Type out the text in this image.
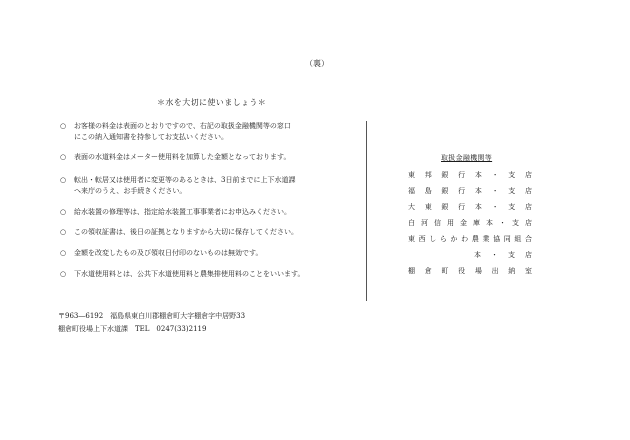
（裏）
＊水を大切に使いましょう＊
○ お客様の料金は表面のとおりですので、右記の取扱金融機関等の窓口
にこの納入通知書を持参してお支払いください。
○ 表面の水道料金はメーター使用料を加算した金額となっております。
○ 転出・転居又は使用者に変更等のあるときは、3日前までに上下水道課
へ来庁のうえ、お手続きください。
○ 給水装置の修理等は、指定給水装置工事事業者にお申込みください。
○ この領収証書は、後日の証拠となりますから大切に保存してください。
○ 金額を改変したもの及び領収日付印のないものは無効です。
○ 下水道使用料とは、公共下水道使用料と農集排使用料のことをいいます。
取扱金融機関等
東 邦 銀 行 本 ・ 支 店
福 島 銀 行 本 ・ 支 店
大 東 銀 行 本 ・ 支 店
白 河 信 用 金 庫 本 ・ 支 店
東 西 し ら か わ 農 業 協 同 組 合
本 ・ 支 店
棚 倉 町 役 場 出 納 室
〒963―6192　福島県東白川郡棚倉町大字棚倉字中居野33
棚倉町役場上下水道課　TEL　0247(33)2119
